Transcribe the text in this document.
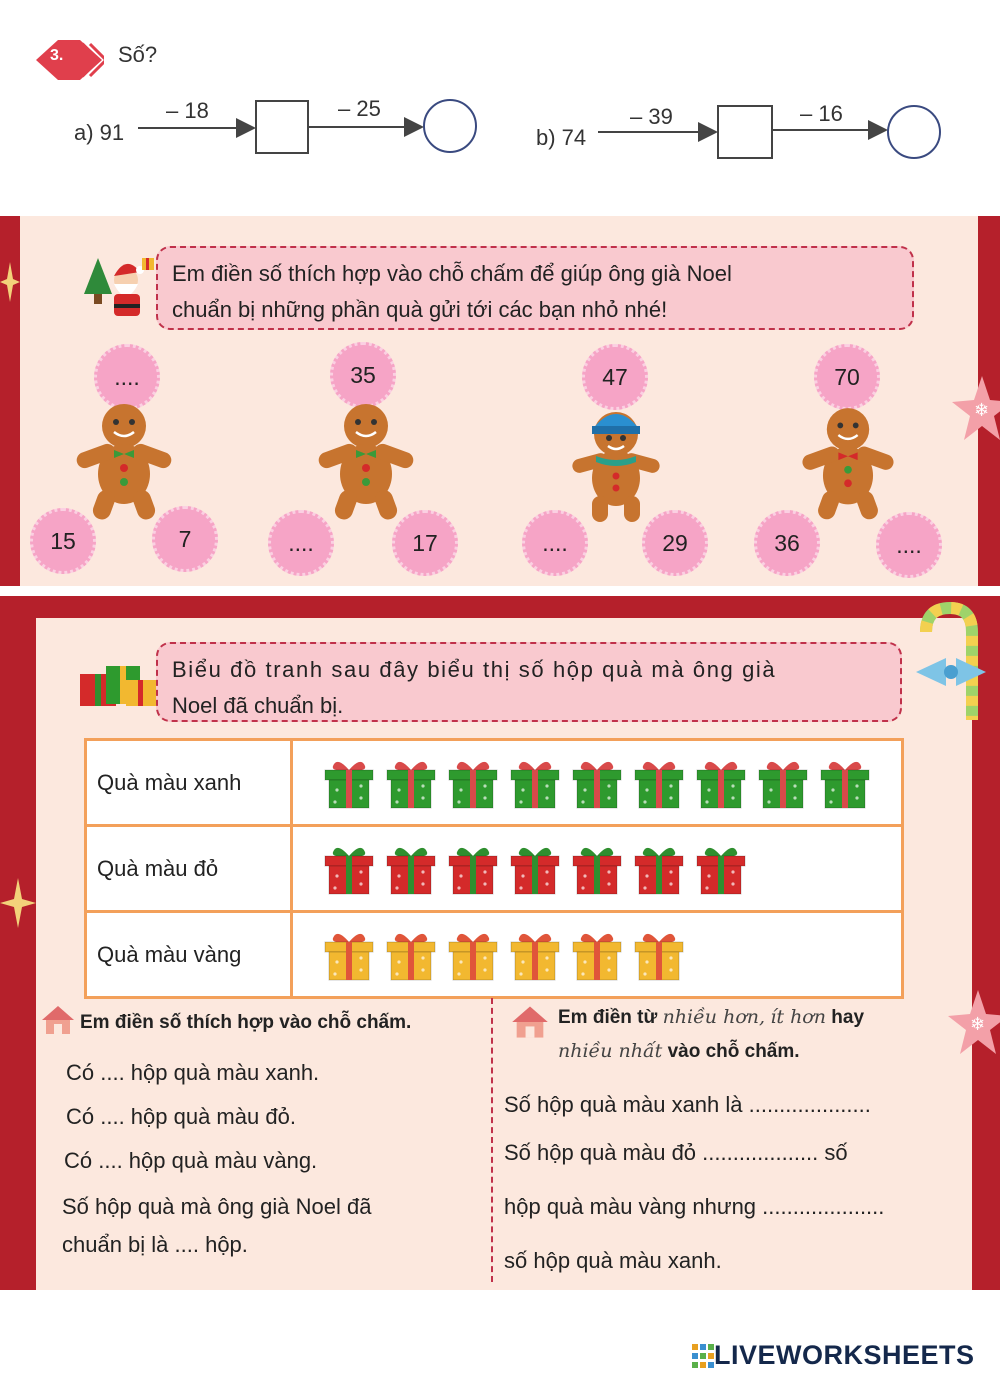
3. Số?
a) 91
– 18	– 25
b) 74
– 39	– 16
Em điền số thích hợp vào chỗ chấm để giúp ông già Noel
chuẩn bị những phần quà gửi tới các bạn nhỏ nhé!
....
15	7
35
....	17
47
....	29
70
36	....
❄
Biểu đồ tranh sau đây biểu thị số hộp quà mà ông già
Noel đã chuẩn bị.
Quà màu xanh	

Quà màu đỏ	

Quà màu vàng	
Em điền số thích hợp vào chỗ chấm.
Có .... hộp quà màu xanh.
Có .... hộp quà màu đỏ.
Có .... hộp quà màu vàng.
Số hộp quà mà ông già Noel đã
chuẩn bị là .... hộp.
Em điền từ nhiều hơn, ít hơn hay
nhiều nhất vào chỗ chấm.
Số hộp quà màu xanh là ....................
Số hộp quà màu đỏ ................... số
hộp quà màu vàng nhưng ....................
số hộp quà màu xanh.
❄
LIVEWORKSHEETS
